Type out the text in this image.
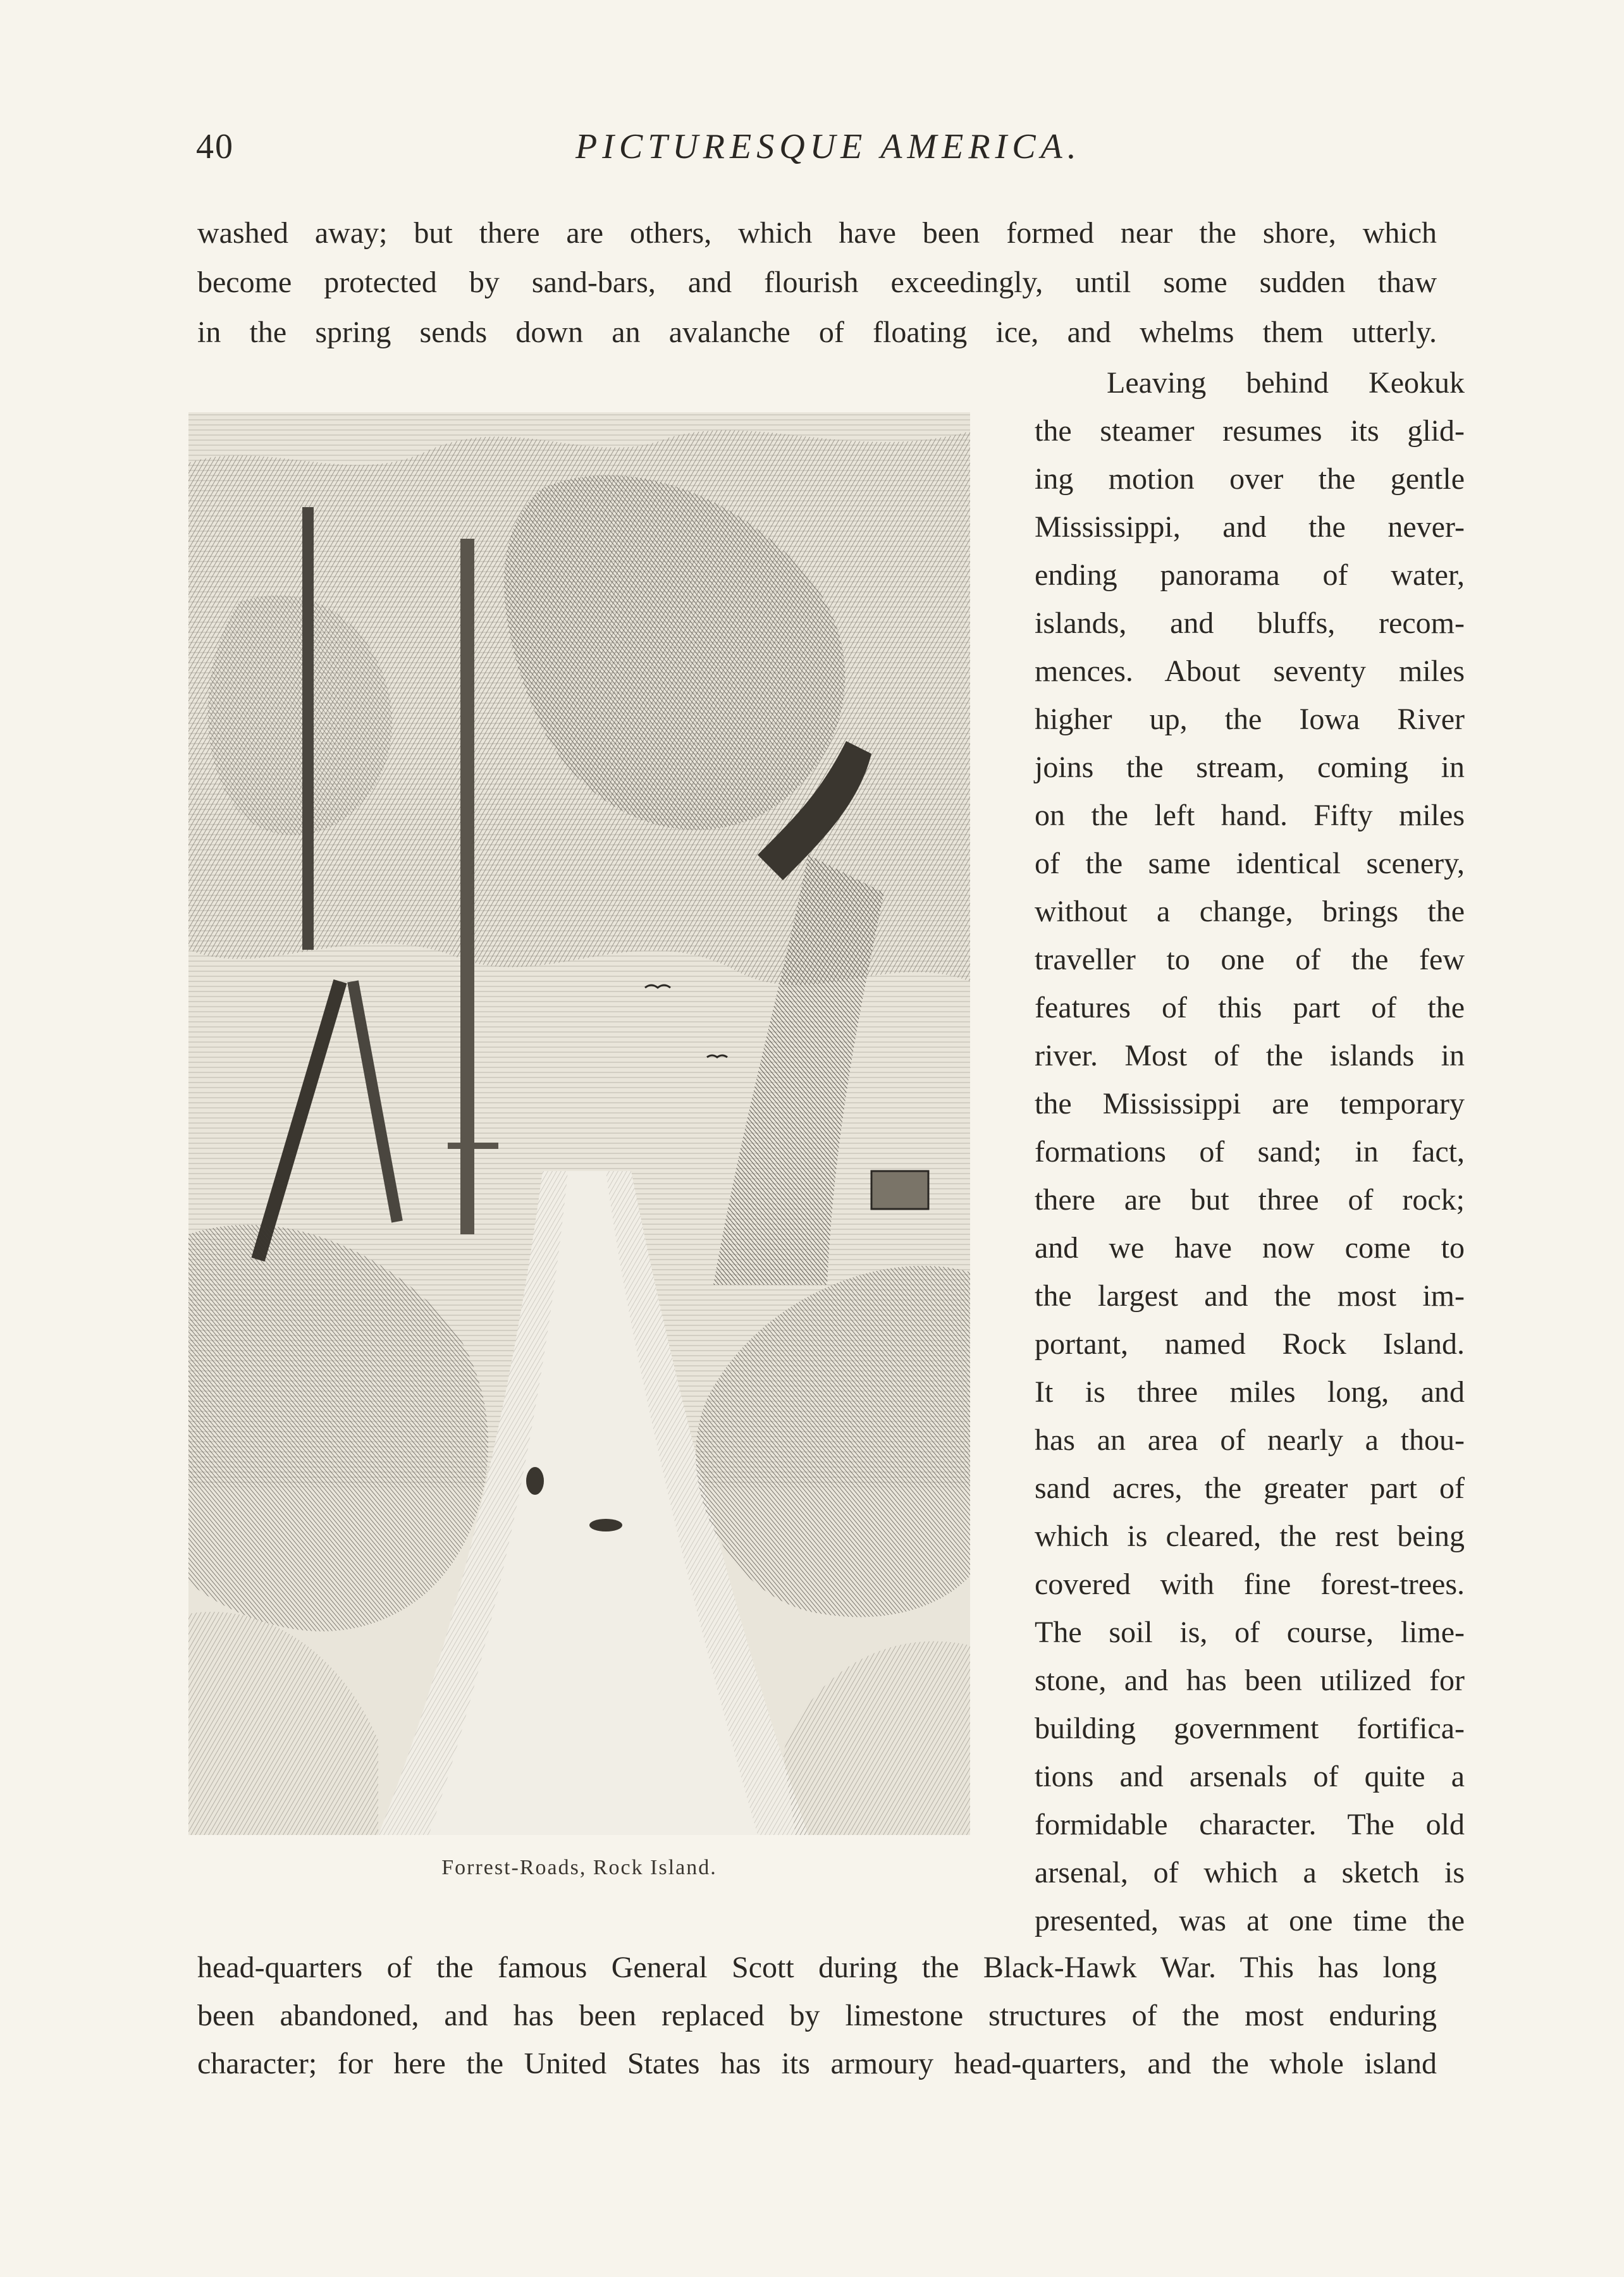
40	PICTURESQUE AMERICA.
washed away; but there are others, which have been formed near the shore, which
become protected by sand-bars, and flourish exceedingly, until some sudden thaw
in the spring sends down an avalanche of floating ice, and whelms them utterly.
Forrest-Roads, Rock Island.
Leaving behind Keokuk
the steamer resumes its glid-
ing motion over the gentle
Mississippi, and the never-
ending panorama of water,
islands, and bluffs, recom-
mences. About seventy miles
higher up, the Iowa River
joins the stream, coming in
on the left hand. Fifty miles
of the same identical scenery,
without a change, brings the
traveller to one of the few
features of this part of the
river. Most of the islands in
the Mississippi are temporary
formations of sand; in fact,
there are but three of rock;
and we have now come to
the largest and the most im-
portant, named Rock Island.
It is three miles long, and
has an area of nearly a thou-
sand acres, the greater part of
which is cleared, the rest being
covered with fine forest-trees.
The soil is, of course, lime-
stone, and has been utilized for
building government fortifica-
tions and arsenals of quite a
formidable character. The old
arsenal, of which a sketch is
presented, was at one time the
head-quarters of the famous General Scott during the Black-Hawk War. This has long
been abandoned, and has been replaced by limestone structures of the most enduring
character; for here the United States has its armoury head-quarters, and the whole island
